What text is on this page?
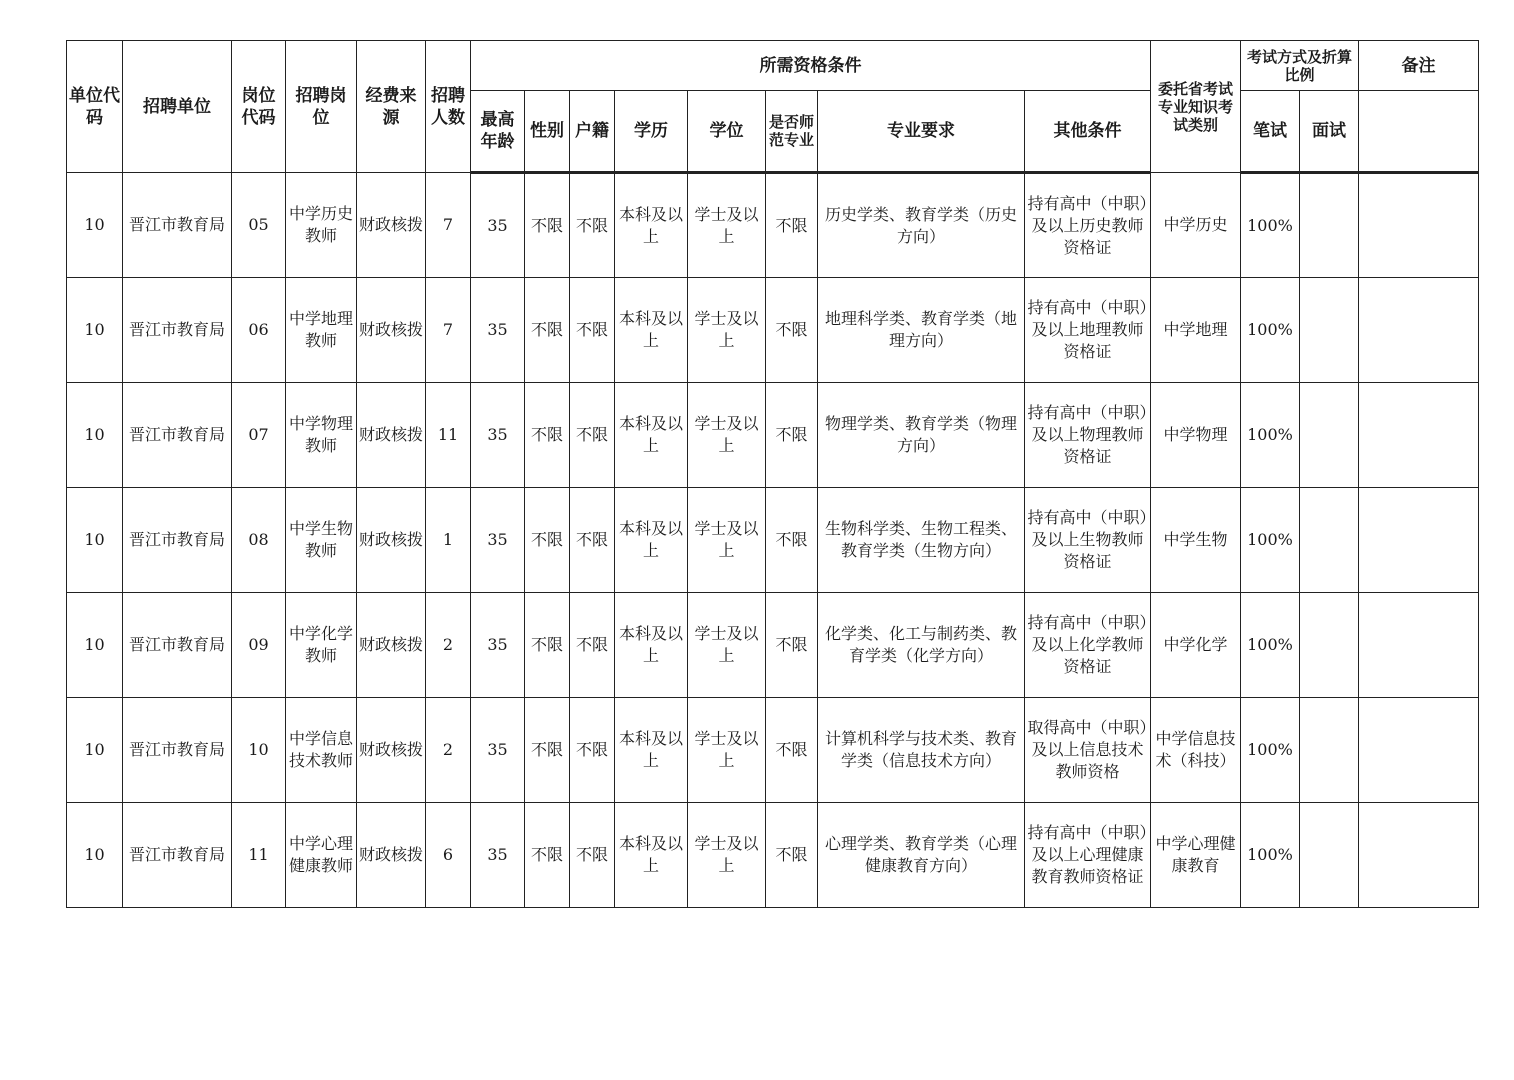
单位代码	招聘单位	岗位代码	招聘岗位	经费来源	招聘人数	所需资格条件								委托省考试专业知识考试类别	考试方式及折算比例		备注
						最高年龄	性别	户籍	学历	学位	是否师范专业	专业要求	其他条件		笔试	面试	
10	晋江市教育局	05	中学历史教师	财政核拨	7	35	不限	不限	本科及以上	学士及以上	不限	历史学类、教育学类（历史方向）	持有高中（中职）及以上历史教师资格证	中学历史	100%		
10	晋江市教育局	06	中学地理教师	财政核拨	7	35	不限	不限	本科及以上	学士及以上	不限	地理科学类、教育学类（地理方向）	持有高中（中职）及以上地理教师资格证	中学地理	100%		
10	晋江市教育局	07	中学物理教师	财政核拨	11	35	不限	不限	本科及以上	学士及以上	不限	物理学类、教育学类（物理方向）	持有高中（中职）及以上物理教师资格证	中学物理	100%		
10	晋江市教育局	08	中学生物教师	财政核拨	1	35	不限	不限	本科及以上	学士及以上	不限	生物科学类、生物工程类、教育学类（生物方向）	持有高中（中职）及以上生物教师资格证	中学生物	100%		
10	晋江市教育局	09	中学化学教师	财政核拨	2	35	不限	不限	本科及以上	学士及以上	不限	化学类、化工与制药类、教育学类（化学方向）	持有高中（中职）及以上化学教师资格证	中学化学	100%		
10	晋江市教育局	10	中学信息技术教师	财政核拨	2	35	不限	不限	本科及以上	学士及以上	不限	计算机科学与技术类、教育学类（信息技术方向）	取得高中（中职）及以上信息技术教师资格	中学信息技术（科技）	100%		
10	晋江市教育局	11	中学心理健康教师	财政核拨	6	35	不限	不限	本科及以上	学士及以上	不限	心理学类、教育学类（心理健康教育方向）	持有高中（中职）及以上心理健康教育教师资格证	中学心理健康教育	100%		
